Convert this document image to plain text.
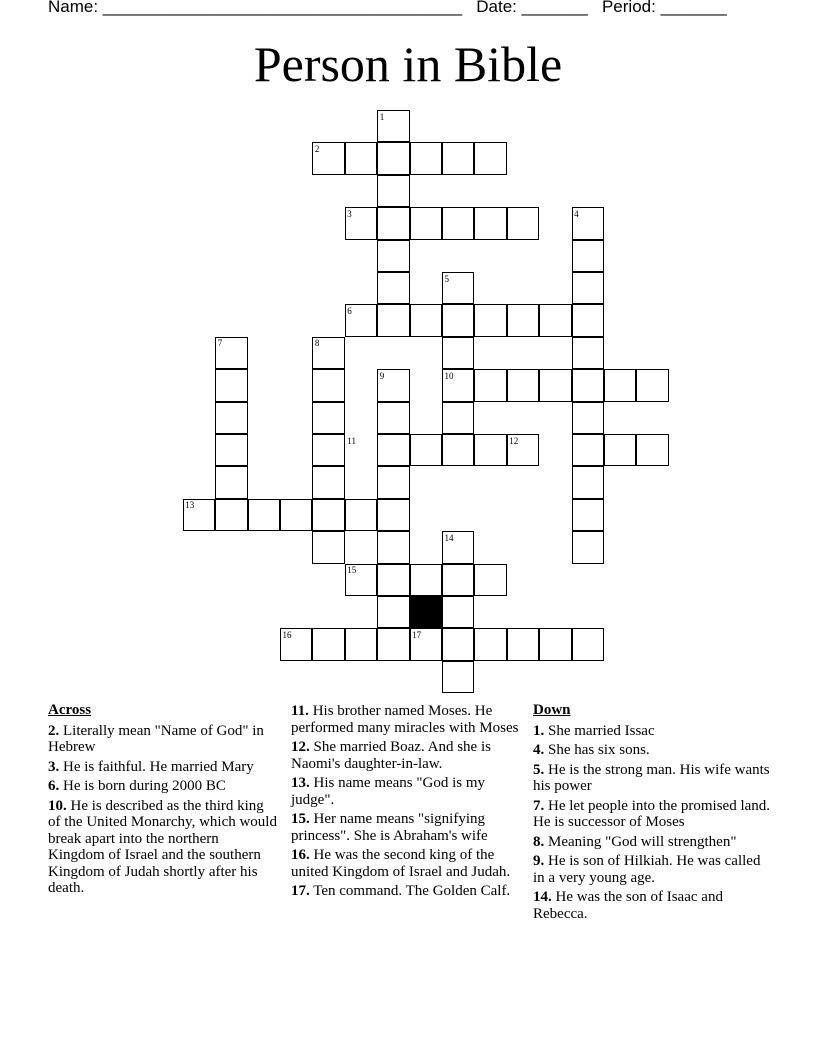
Name: ______________________________________ Date: _______ Period: _______
Person in Bible
1
2
3	4
5
6
7	8
9	10
11	12
13
14
15
16	17
Across
2. Literally mean "Name of God" in Hebrew
3. He is faithful. He married Mary
6. He is born during 2000 BC
10. He is described as the third king of the United Monarchy, which would break apart into the northern Kingdom of Israel and the southern Kingdom of Judah shortly after his death.
11. His brother named Moses. He performed many miracles with Moses
12. She married Boaz. And she is Naomi's daughter-in-law.
13. His name means "God is my judge".
15. Her name means "signifying princess". She is Abraham's wife
16. He was the second king of the united Kingdom of Israel and Judah.
17. Ten command. The Golden Calf.
Down
1. She married Issac
4. She has six sons.
5. He is the strong man. His wife wants his power
7. He let people into the promised land. He is successor of Moses
8. Meaning "God will strengthen"
9. He is son of Hilkiah. He was called in a very young age.
14. He was the son of Isaac and Rebecca.
